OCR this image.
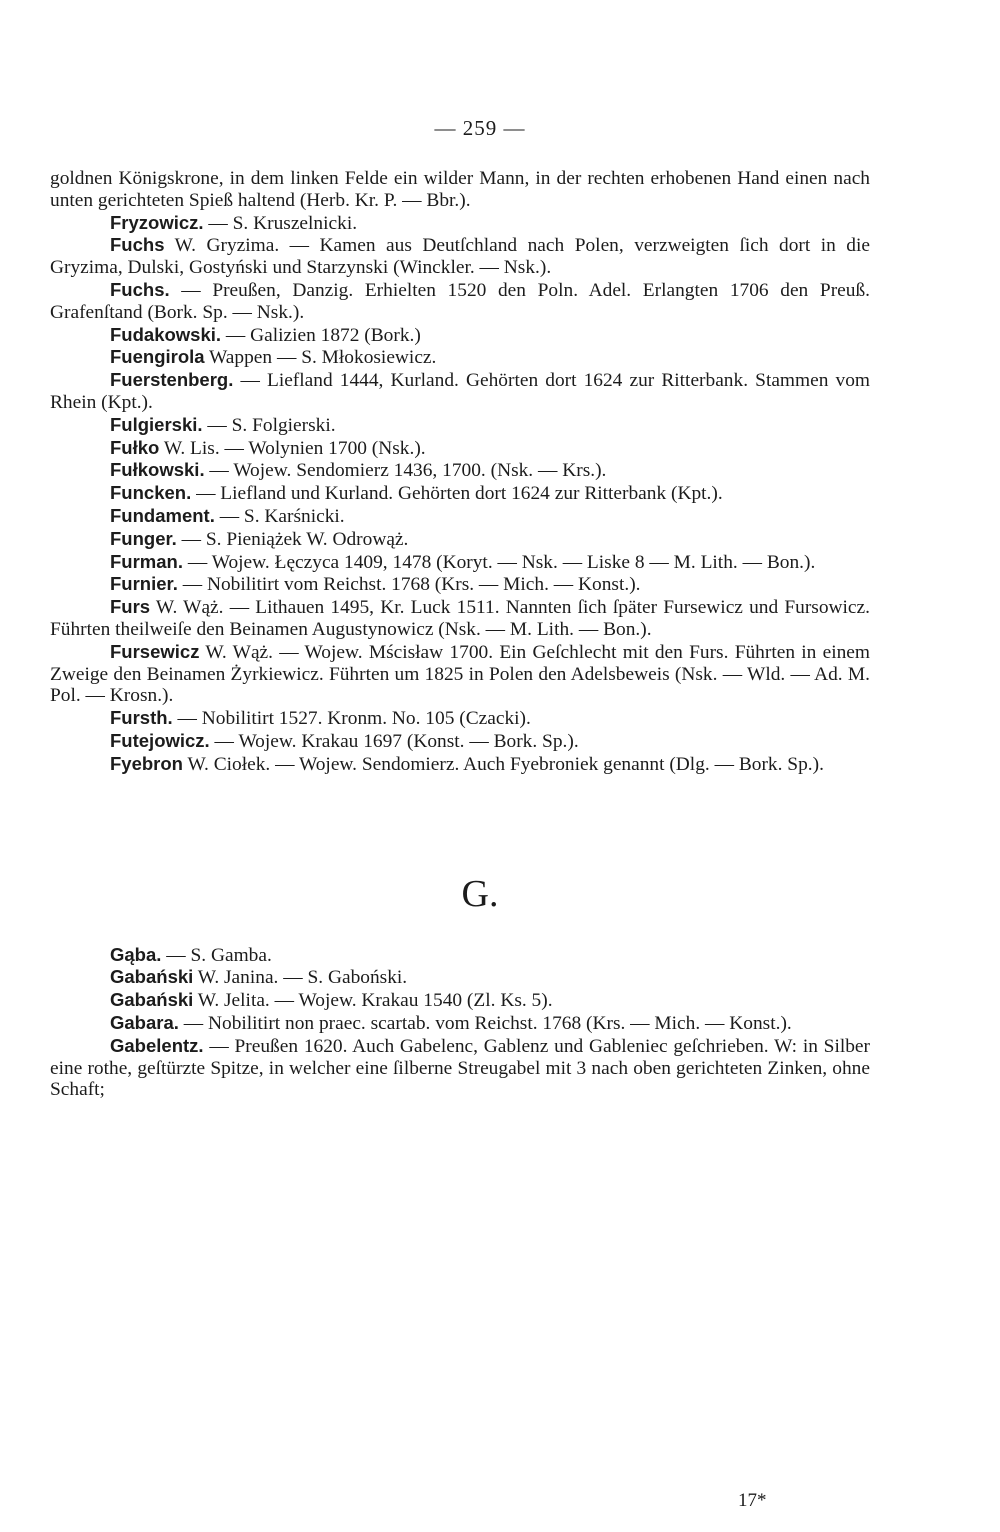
— 259 —

goldnen Königskrone, in dem linken Felde ein wilder Mann, in der rechten erhobenen Hand einen nach unten gerichteten Spieß haltend (Herb. Kr. P. — Bbr.).

Fryzowicz. — S. Kruszelnicki.

Fuchs W. Gryzima. — Kamen aus Deutſchland nach Polen, verzweigten ſich dort in die Gryzima, Dulski, Gostyński und Starzynski (Winckler. — Nsk.).

Fuchs. — Preußen, Danzig. Erhielten 1520 den Poln. Adel. Erlangten 1706 den Preuß. Grafenſtand (Bork. Sp. — Nsk.).

Fudakowski. — Galizien 1872 (Bork.)

Fuengirola Wappen — S. Młokosiewicz.

Fuerstenberg. — Liefland 1444, Kurland. Gehörten dort 1624 zur Ritterbank. Stammen vom Rhein (Kpt.).

Fulgierski. — S. Folgierski.

Fułko W. Lis. — Wolynien 1700 (Nsk.).

Fułkowski. — Wojew. Sendomierz 1436, 1700. (Nsk. — Krs.).

Funcken. — Liefland und Kurland. Gehörten dort 1624 zur Ritterbank (Kpt.).

Fundament. — S. Karśnicki.

Funger. — S. Pieniążek W. Odrowąż.

Furman. — Wojew. Łęczyca 1409, 1478 (Koryt. — Nsk. — Liske 8 — M. Lith. — Bon.).

Furnier. — Nobilitirt vom Reichst. 1768 (Krs. — Mich. — Konst.).

Furs W. Wąż. — Lithauen 1495, Kr. Luck 1511. Nannten ſich ſpäter Fursewicz und Fursowicz. Führten theilweiſe den Beinamen Augustynowicz (Nsk. — M. Lith. — Bon.).

Fursewicz W. Wąż. — Wojew. Mścisław 1700. Ein Geſchlecht mit den Furs. Führten in einem Zweige den Beinamen Żyrkiewicz. Führten um 1825 in Polen den Adelsbeweis (Nsk. — Wld. — Ad. M. Pol. — Krosn.).

Fursth. — Nobilitirt 1527. Kronm. No. 105 (Czacki).

Futejowicz. — Wojew. Krakau 1697 (Konst. — Bork. Sp.).

Fyebron W. Ciołek. — Wojew. Sendomierz. Auch Fyebroniek genannt (Dlg. — Bork. Sp.).

G.

Gąba. — S. Gamba.

Gabański W. Janina. — S. Gaboński.

Gabański W. Jelita. — Wojew. Krakau 1540 (Zl. Ks. 5).

Gabara. — Nobilitirt non praec. scartab. vom Reichst. 1768 (Krs. — Mich. — Konst.).

Gabelentz. — Preußen 1620. Auch Gabelenc, Gablenz und Gableniec geſchrieben. W: in Silber eine rothe, geſtürzte Spitze, in welcher eine ſilberne Streugabel mit 3 nach oben gerichteten Zinken, ohne Schaft;

17*
